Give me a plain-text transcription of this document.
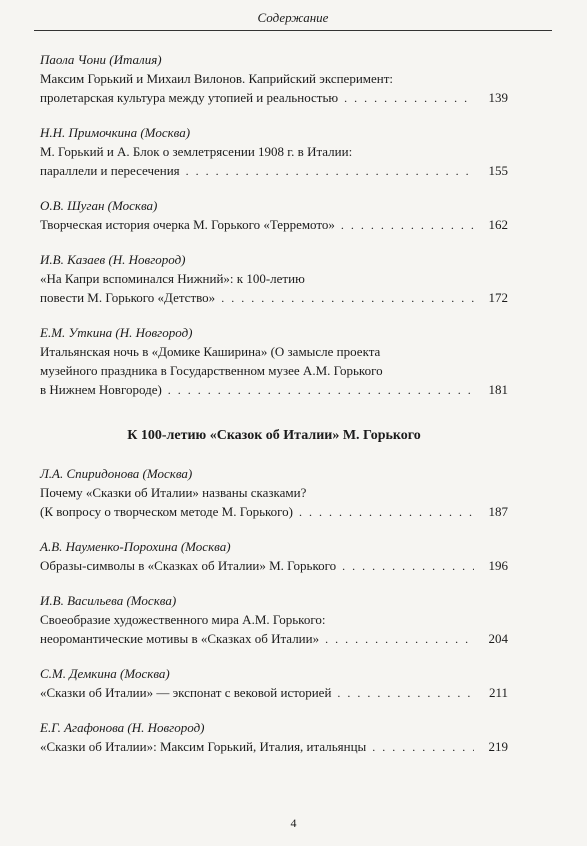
Содержание
Паола Чони (Италия)
Максим Горький и Михаил Вилонов. Каприйский эксперимент:
пролетарская культура между утопией и реальностью . . .	139
Н.Н. Примочкина (Москва)
М. Горький и А. Блок о землетрясении 1908 г. в Италии:
параллели и пересечения . . .	155
О.В. Шуган (Москва)
Творческая история очерка М. Горького «Терремото» . . .	162
И.В. Казаев (Н. Новгород)
«На Капри вспоминался Нижний»: к 100-летию
повести М. Горького «Детство» . . .	172
Е.М. Уткина (Н. Новгород)
Итальянская ночь в «Домике Каширина» (О замысле проекта
музейного праздника в Государственном музее А.М. Горького
в Нижнем Новгороде) . . .	181
К 100-летию «Сказок об Италии» М. Горького
Л.А. Спиридонова (Москва)
Почему «Сказки об Италии» названы сказками?
(К вопросу о творческом методе М. Горького) . . .	187
А.В. Науменко-Порохина (Москва)
Образы-символы в «Сказках об Италии» М. Горького . . .	196
И.В. Васильева (Москва)
Своеобразие художественного мира А.М. Горького:
неоромантические мотивы в «Сказках об Италии» . . .	204
С.М. Демкина (Москва)
«Сказки об Италии» — экспонат с вековой историей . . .	211
Е.Г. Агафонова (Н. Новгород)
«Сказки об Италии»: Максим Горький, Италия, итальянцы . . .	219
4
